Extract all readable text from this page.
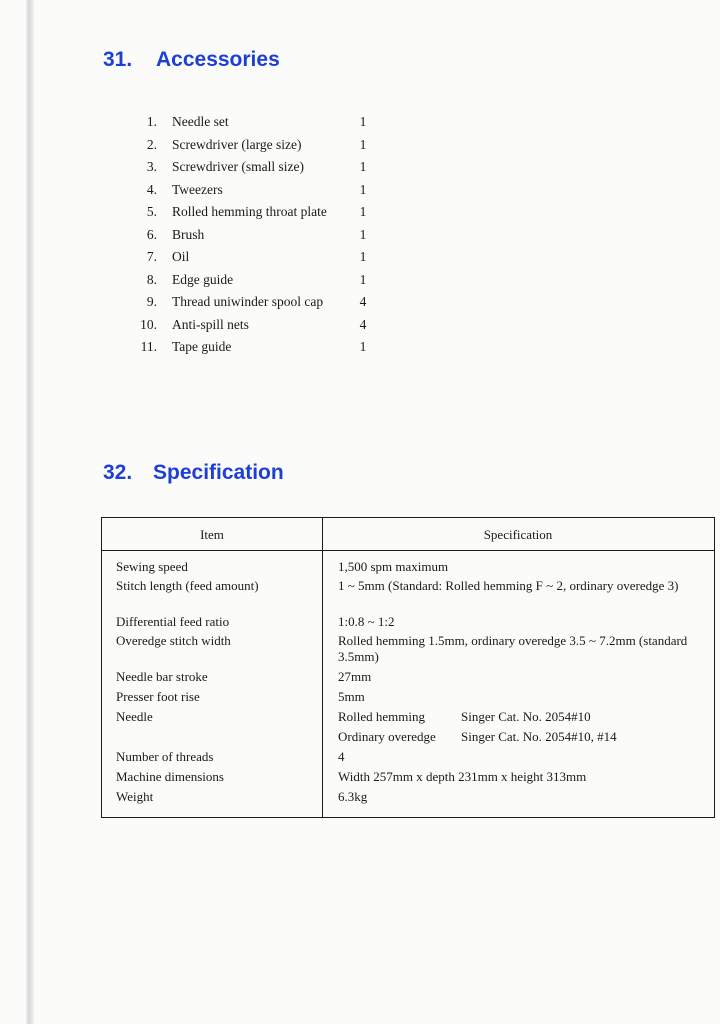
31. Accessories
1. Needle set	1
2. Screwdriver (large size)	1
3. Screwdriver (small size)	1
4. Tweezers	1
5. Rolled hemming throat plate 1
6. Brush	1
7. Oil	1
8. Edge guide	1
9. Thread uniwinder spool cap	4
10. Anti-spill nets	4
11. Tape guide	1
32. Specification
Item	Specification
Sewing speed	1,500 spm maximum
Stitch length (feed amount)	1 ~ 5mm (Standard: Rolled hemming F ~ 2, ordinary overedge 3)
Differential feed ratio	1:0.8 ~ 1:2
Overedge stitch width	Rolled hemming 1.5mm, ordinary overedge 3.5 ~ 7.2mm (standard 3.5mm)
Needle bar stroke	27mm
Presser foot rise	5mm
Needle	Rolled hemming	Singer Cat. No. 2054#10
Ordinary overedge Singer Cat. No. 2054#10, #14
Number of threads	4
Machine dimensions	Width 257mm x depth 231mm x height 313mm
Weight	6.3kg
